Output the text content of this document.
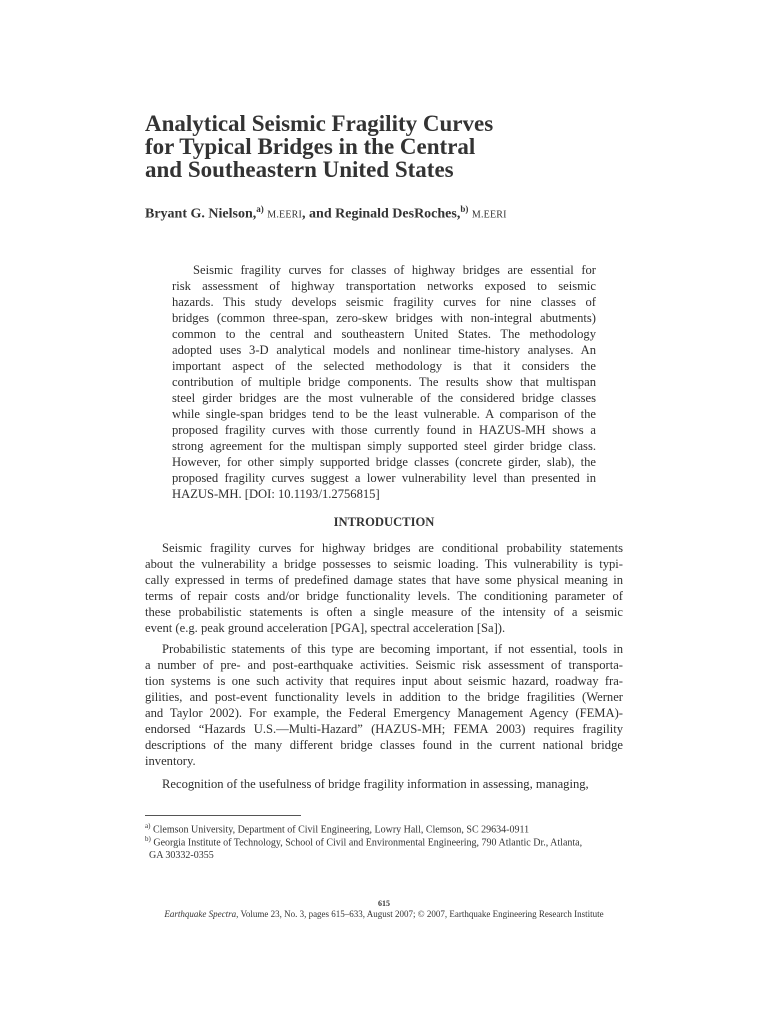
Analytical Seismic Fragility Curves
for Typical Bridges in the Central
and Southeastern United States
Bryant G. Nielson,$^{a)}$ M.EERI, and Reginald DesRoches,$^{b)}$ M.EERI
Seismic fragility curves for classes of highway bridges are essential for
risk assessment of highway transportation networks exposed to seismic
hazards. This study develops seismic fragility curves for nine classes of
bridges (common three-span, zero-skew bridges with non-integral abutments)
common to the central and southeastern United States. The methodology
adopted uses 3-D analytical models and nonlinear time-history analyses. An
important aspect of the selected methodology is that it considers the
contribution of multiple bridge components. The results show that multispan
steel girder bridges are the most vulnerable of the considered bridge classes
while single-span bridges tend to be the least vulnerable. A comparison of the
proposed fragility curves with those currently found in HAZUS-MH shows a
strong agreement for the multispan simply supported steel girder bridge class.
However, for other simply supported bridge classes (concrete girder, slab), the
proposed fragility curves suggest a lower vulnerability level than presented in
HAZUS-MH. [DOI: 10.1193/1.2756815]
INTRODUCTION
Seismic fragility curves for highway bridges are conditional probability statements
about the vulnerability a bridge possesses to seismic loading. This vulnerability is typi-
cally expressed in terms of predefined damage states that have some physical meaning in
terms of repair costs and/or bridge functionality levels. The conditioning parameter of
these probabilistic statements is often a single measure of the intensity of a seismic
event (e.g. peak ground acceleration [PGA], spectral acceleration [Sa]).
Probabilistic statements of this type are becoming important, if not essential, tools in
a number of pre- and post-earthquake activities. Seismic risk assessment of transporta-
tion systems is one such activity that requires input about seismic hazard, roadway fra-
gilities, and post-event functionality levels in addition to the bridge fragilities (Werner
and Taylor 2002). For example, the Federal Emergency Management Agency (FEMA)-
endorsed “Hazards U.S.—Multi-Hazard” (HAZUS-MH; FEMA 2003) requires fragility
descriptions of the many different bridge classes found in the current national bridge
inventory.
Recognition of the usefulness of bridge fragility information in assessing, managing,
$^{a)}$ Clemson University, Department of Civil Engineering, Lowry Hall, Clemson, SC 29634-0911
$^{b)}$ Georgia Institute of Technology, School of Civil and Environmental Engineering, 790 Atlantic Dr., Atlanta,
GA 30332-0355
615
Earthquake Spectra, Volume 23, No. 3, pages 615–633, August 2007; © 2007, Earthquake Engineering Research Institute
